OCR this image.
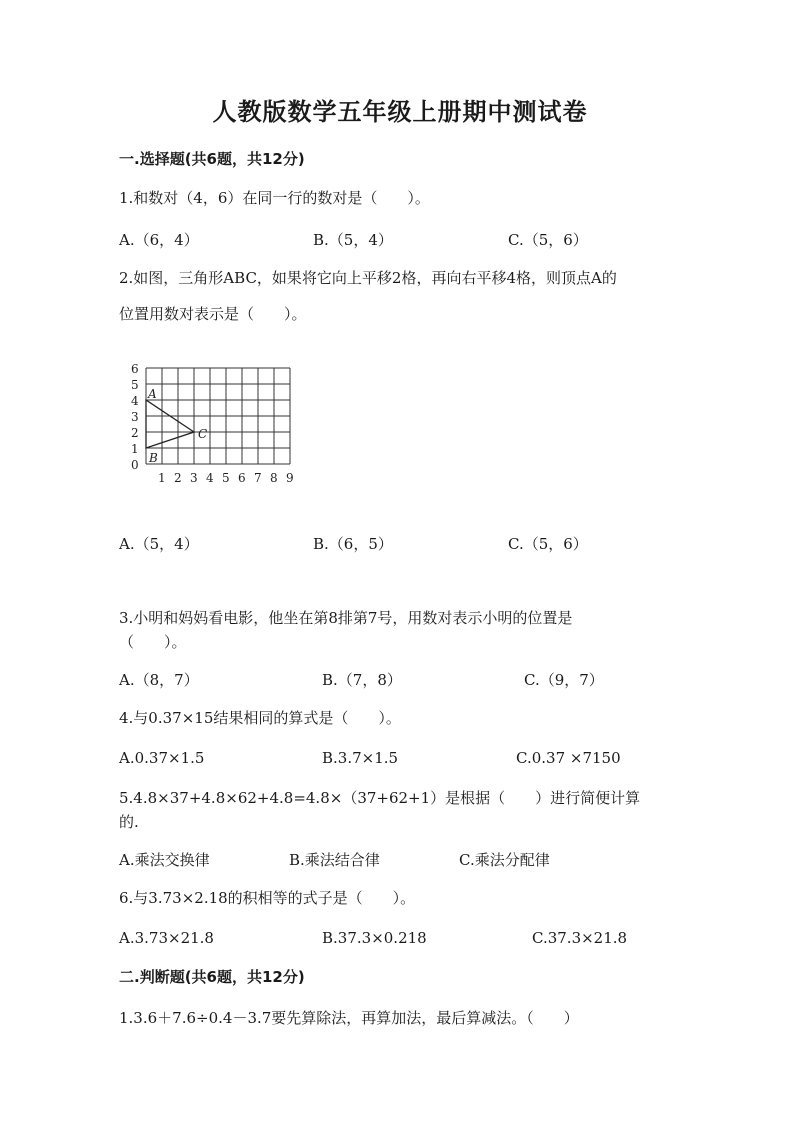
人教版数学五年级上册期中测试卷
一.选择题(共6题，共12分)
1.和数对（4，6）在同一行的数对是（　　）。
A.（6，4）	B.（5，4）	C.（5，6）
2.如图，三角形ABC，如果将它向上平移2格，再向右平移4格，则顶点A的
位置用数对表示是（　　）。
6
5
4
3
2
1
0
1 2 3 4 5 6 7 8 9
A
B
C
A.（5，4）	B.（6，5）	C.（5，6）
3.小明和妈妈看电影，他坐在第8排第7号，用数对表示小明的位置是
（　　）。
A.（8，7）	B.（7，8）	C.（9，7）
4.与0.37×15结果相同的算式是（　　）。
A.0.37×1.5	B.3.7×1.5	C.0.37 ×7150
5.4.8×37+4.8×62+4.8=4.8×（37+62+1）是根据（　　）进行简便计算
的.
A.乘法交换律	B.乘法结合律	C.乘法分配律
6.与3.73×2.18的积相等的式子是（　　）。
A.3.73×21.8	B.37.3×0.218	C.37.3×21.8
二.判断题(共6题，共12分)
1.3.6＋7.6÷0.4－3.7要先算除法，再算加法，最后算减法。（　　）
